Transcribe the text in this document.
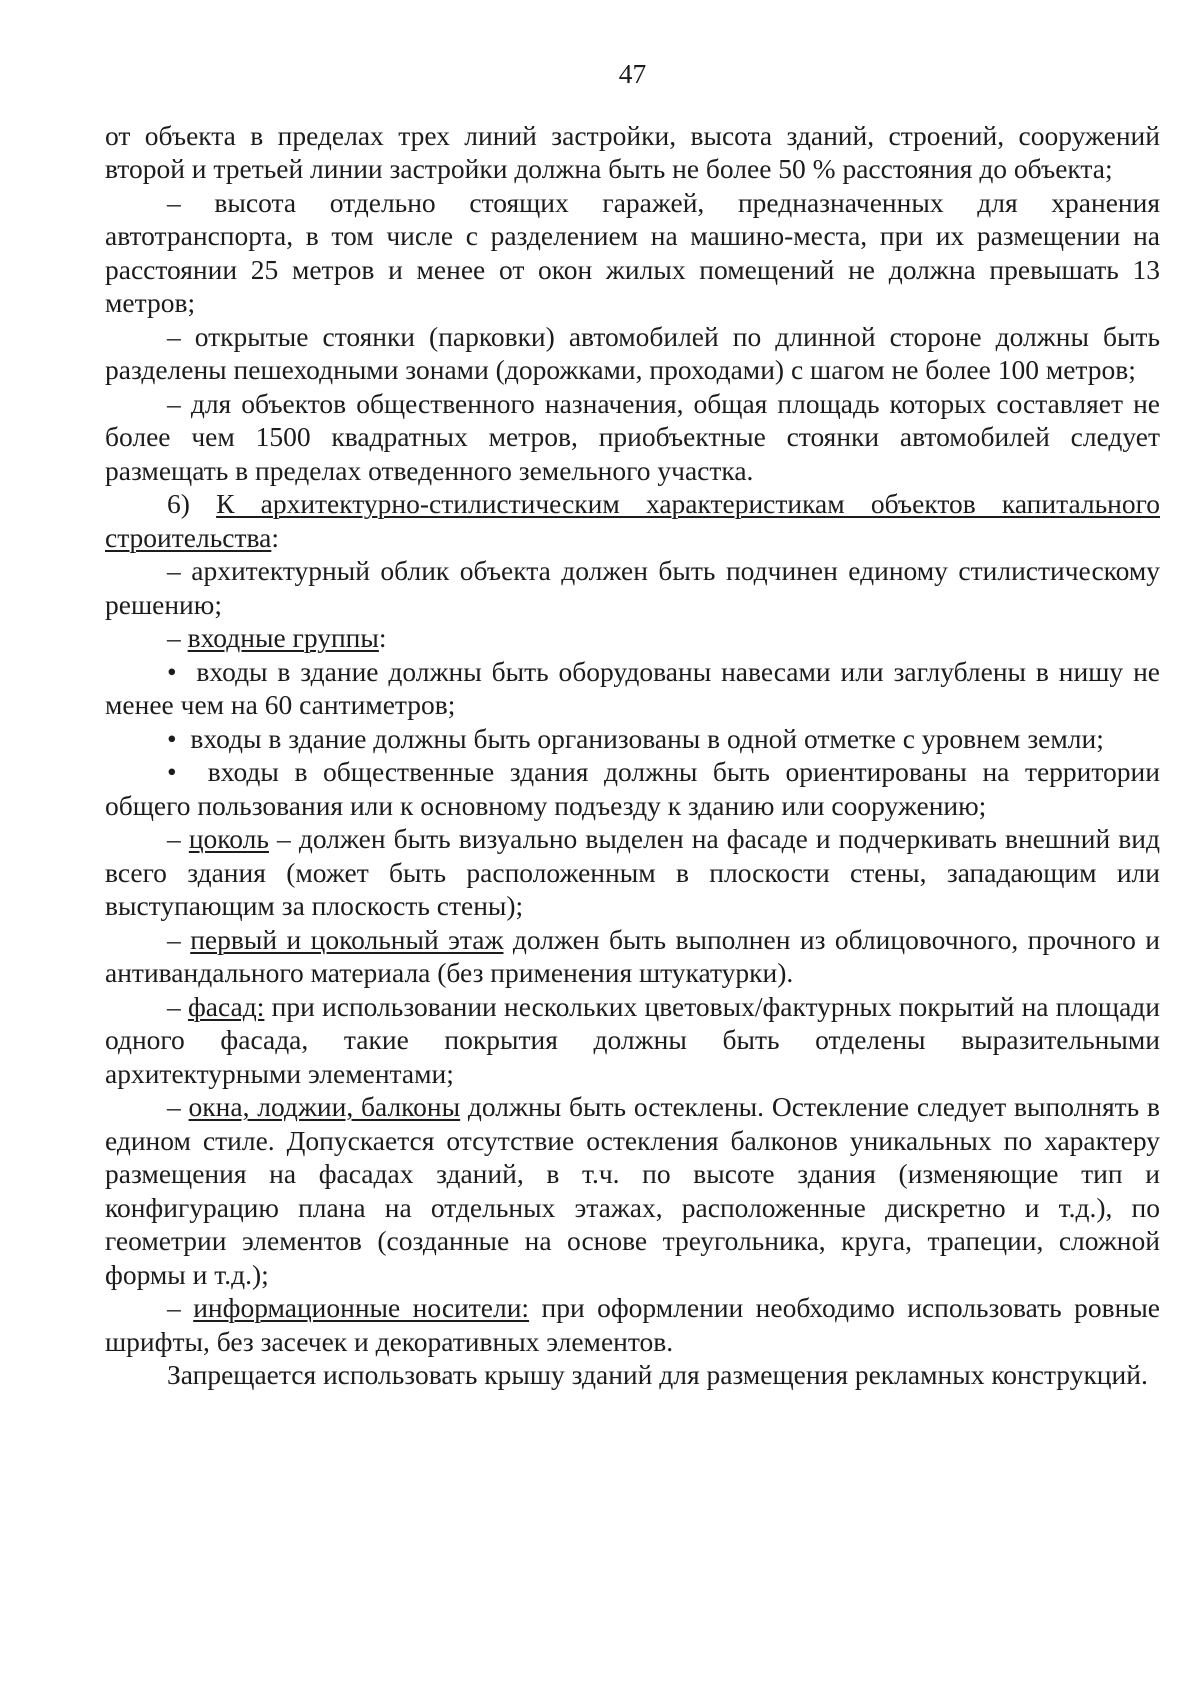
47

от объекта в пределах трех линий застройки, высота зданий, строений, сооружений второй и третьей линии застройки должна быть не более 50 % расстояния до объекта;

– высота отдельно стоящих гаражей, предназначенных для хранения автотранспорта, в том числе с разделением на машино-места, при их размещении на расстоянии 25 метров и менее от окон жилых помещений не должна превышать 13 метров;

– открытые стоянки (парковки) автомобилей по длинной стороне должны быть разделены пешеходными зонами (дорожками, проходами) с шагом не более 100 метров;

– для объектов общественного назначения, общая площадь которых составляет не более чем 1500 квадратных метров, приобъектные стоянки автомобилей следует размещать в пределах отведенного земельного участка.

6) К архитектурно-стилистическим характеристикам объектов капитального строительства:

– архитектурный облик объекта должен быть подчинен единому стилистическому решению;

– входные группы:

•  входы в здание должны быть оборудованы навесами или заглублены в нишу не менее чем на 60 сантиметров;

•  входы в здание должны быть организованы в одной отметке с уровнем земли;

•  входы в общественные здания должны быть ориентированы на территории общего пользования или к основному подъезду к зданию или сооружению;

– цоколь – должен быть визуально выделен на фасаде и подчеркивать внешний вид всего здания (может быть расположенным в плоскости стены, западающим или выступающим за плоскость стены);

– первый и цокольный этаж должен быть выполнен из облицовочного, прочного и антивандального материала (без применения штукатурки).

– фасад: при использовании нескольких цветовых/фактурных покрытий на площади одного фасада, такие покрытия должны быть отделены выразительными архитектурными элементами;

– окна, лоджии, балконы должны быть остеклены. Остекление следует выполнять в едином стиле. Допускается отсутствие остекления балконов уникальных по характеру размещения на фасадах зданий, в т.ч. по высоте здания (изменяющие тип и конфигурацию плана на отдельных этажах, расположенные дискретно и т.д.), по геометрии элементов (созданные на основе треугольника, круга, трапеции, сложной формы и т.д.);

– информационные носители: при оформлении необходимо использовать ровные шрифты, без засечек и декоративных элементов.

Запрещается использовать крышу зданий для размещения рекламных конструкций.
